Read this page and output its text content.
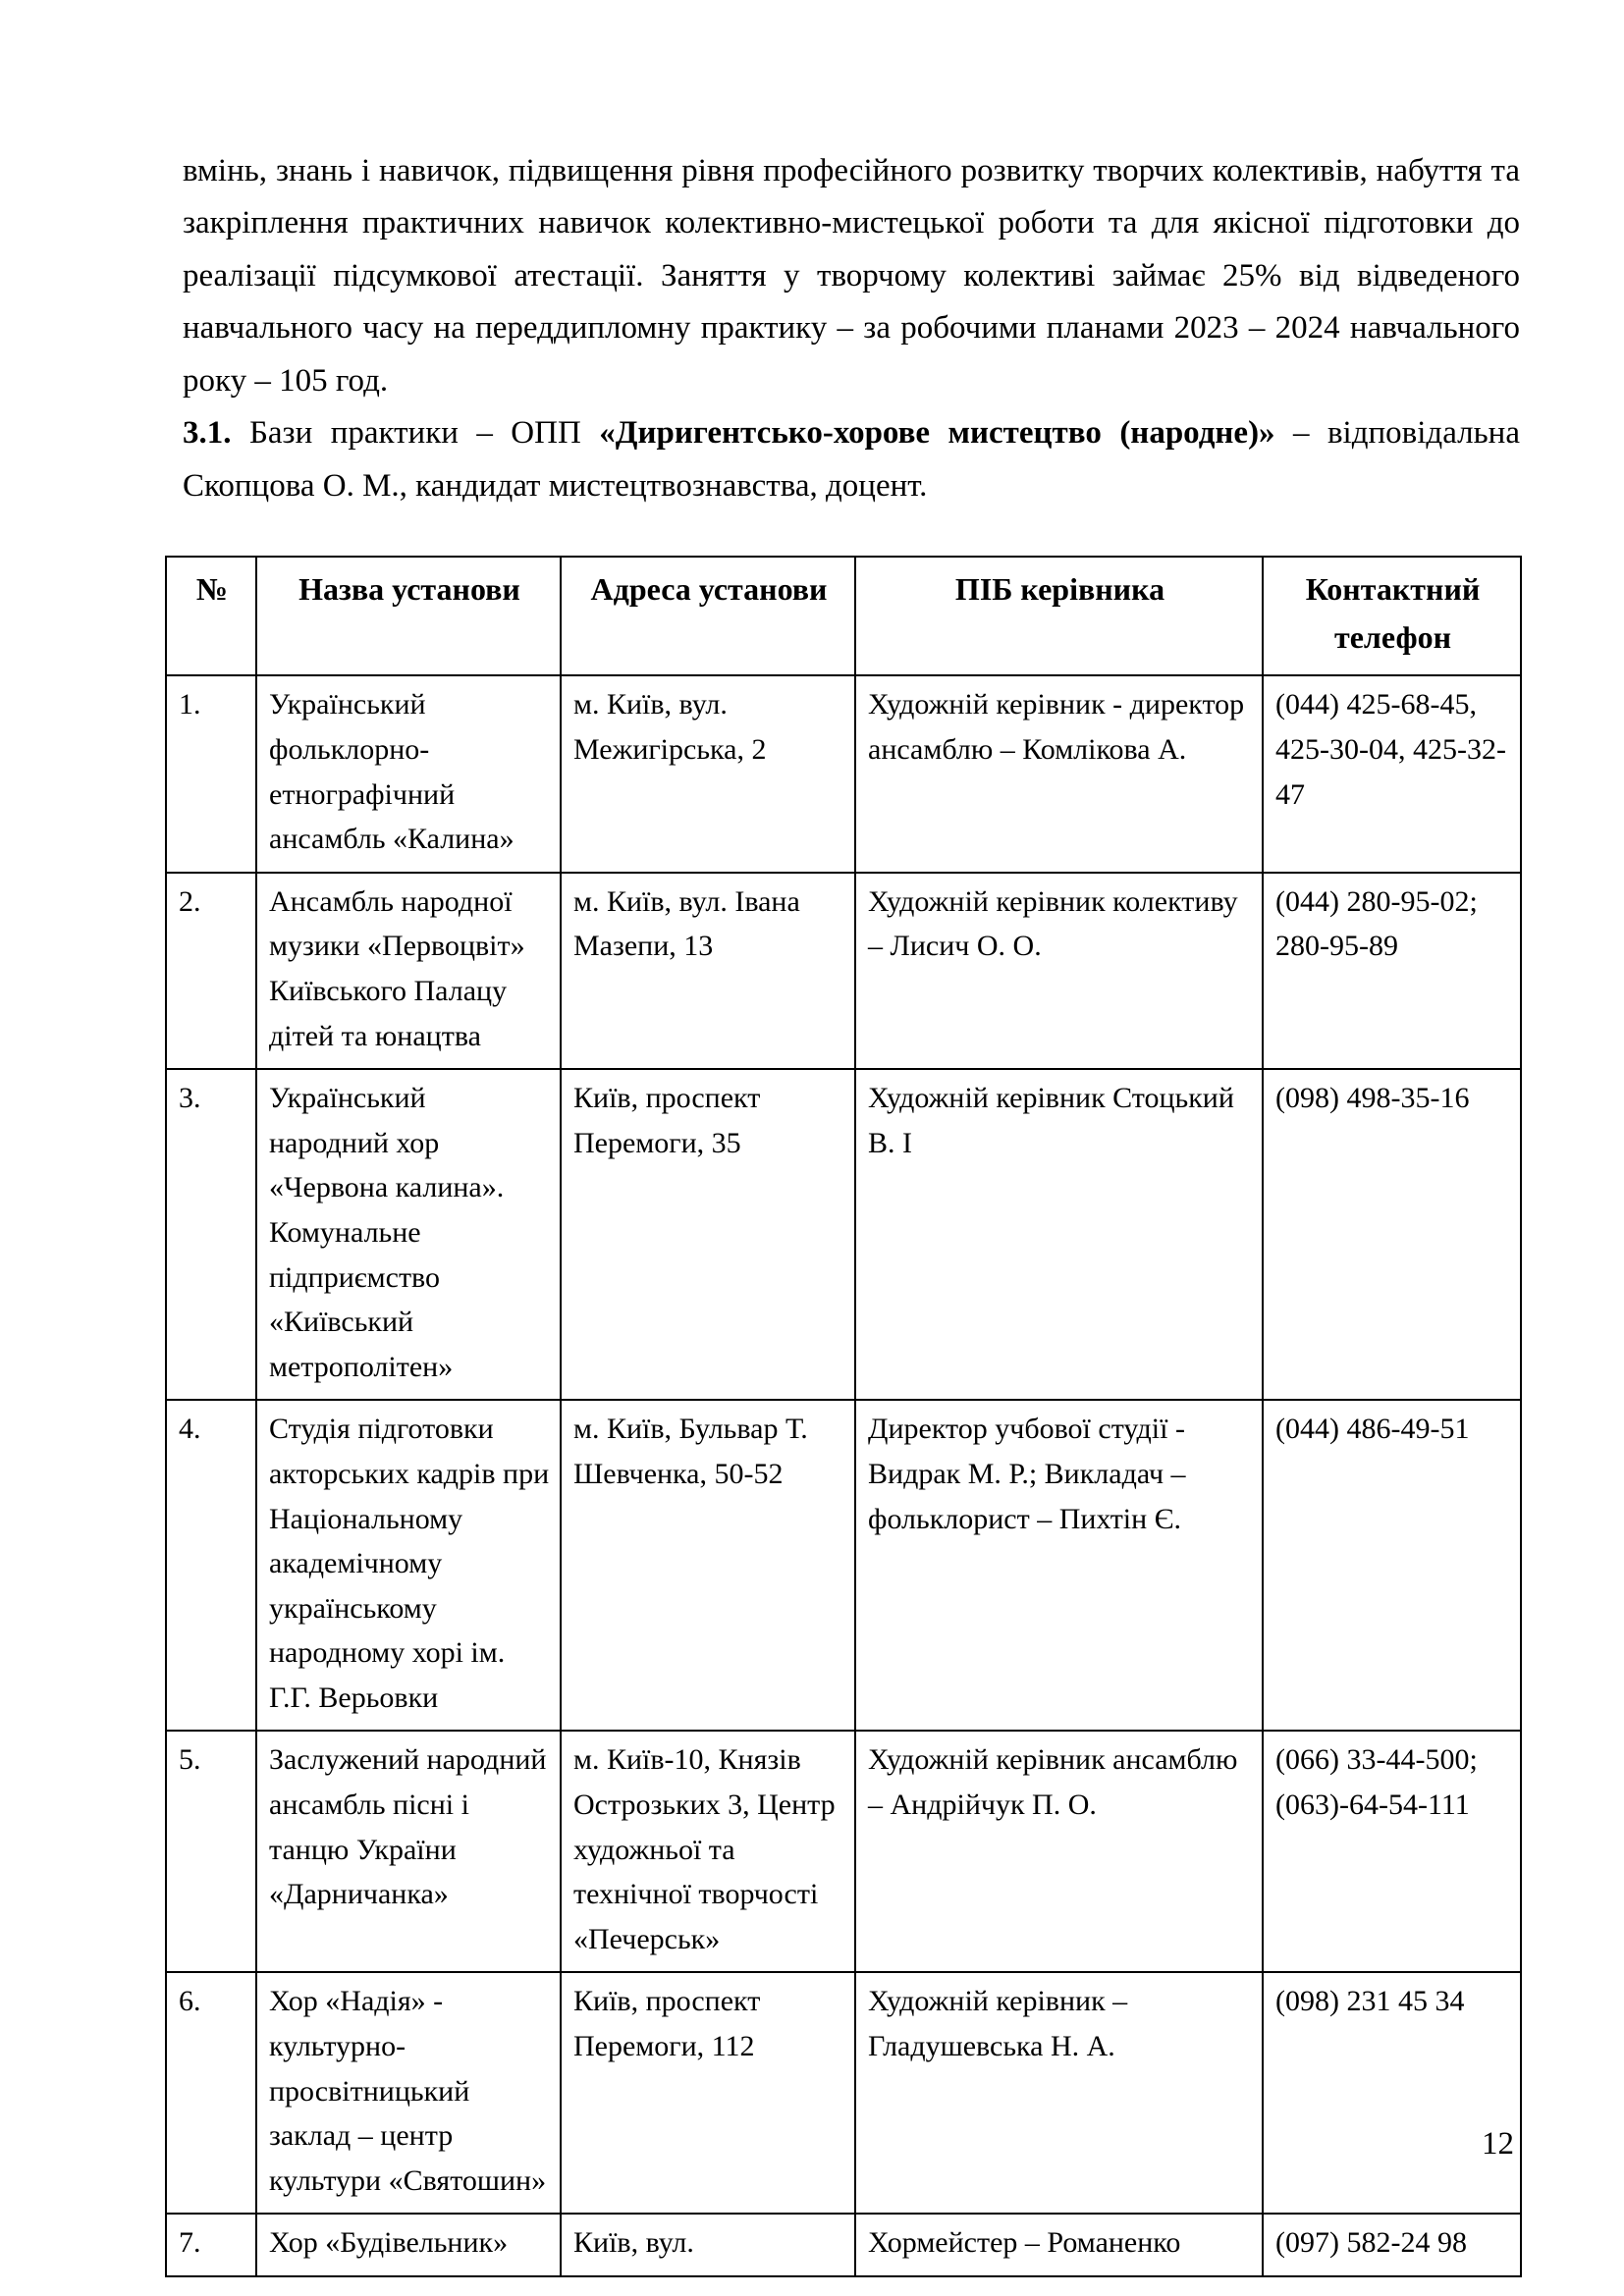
вмінь, знань і навичок, підвищення рівня професійного розвитку творчих колективів, набуття та закріплення практичних навичок колективно-мистецької роботи та для якісної підготовки до реалізації підсумкової атестації. Заняття у творчому колективі займає 25% від відведеного навчального часу на переддипломну практику – за робочими планами 2023 – 2024 навчального року – 105 год.

3.1. Бази практики – ОПП «Диригентсько-хорове мистецтво (народне)» – відповідальна Скопцова О. М., кандидат мистецтвознавства, доцент.

№	Назва установи	Адреса установи	ПІБ керівника	Контактний телефон
1.	Український фольклорно-етнографічний ансамбль «Калина»	м. Київ, вул. Межигірська, 2	Художній керівник - директор ансамблю – Комлікова А.	(044) 425-68-45, 425-30-04, 425-32-47
2.	Ансамбль народної музики «Первоцвіт» Київського Палацу дітей та юнацтва	м. Київ, вул. Івана Мазепи, 13	Художній керівник колективу – Лисич О. О.	(044) 280-95-02; 280-95-89
3.	Український народний хор «Червона калина». Комунальне підприємство «Київський метрополітен»	Київ, проспект Перемоги, 35	Художній керівник Стоцький В. І	(098) 498-35-16
4.	Студія підготовки акторських кадрів при Національному академічному українському народному хорі ім. Г.Г. Верьовки	м. Київ, Бульвар Т. Шевченка, 50-52	Директор учбової студії - Видрак М. Р.; Викладач – фольклорист – Пихтін Є.	(044) 486-49-51
5.	Заслужений народний ансамбль пісні і танцю України «Дарничанка»	м. Київ-10, Князів Острозьких 3, Центр художньої та технічної творчості «Печерськ»	Художній керівник ансамблю – Андрійчук П. О.	(066) 33-44-500; (063)-64-54-111
6.	Хор «Надія» - культурно-просвітницький заклад – центр культури «Святошин»	Київ, проспект Перемоги, 112	Художній керівник – Гладушевська Н. А.	(098) 231 45 34
7.	Хор «Будівельник»	Київ, вул.	Хормейстер – Романенко	(097) 582-24 98
12
